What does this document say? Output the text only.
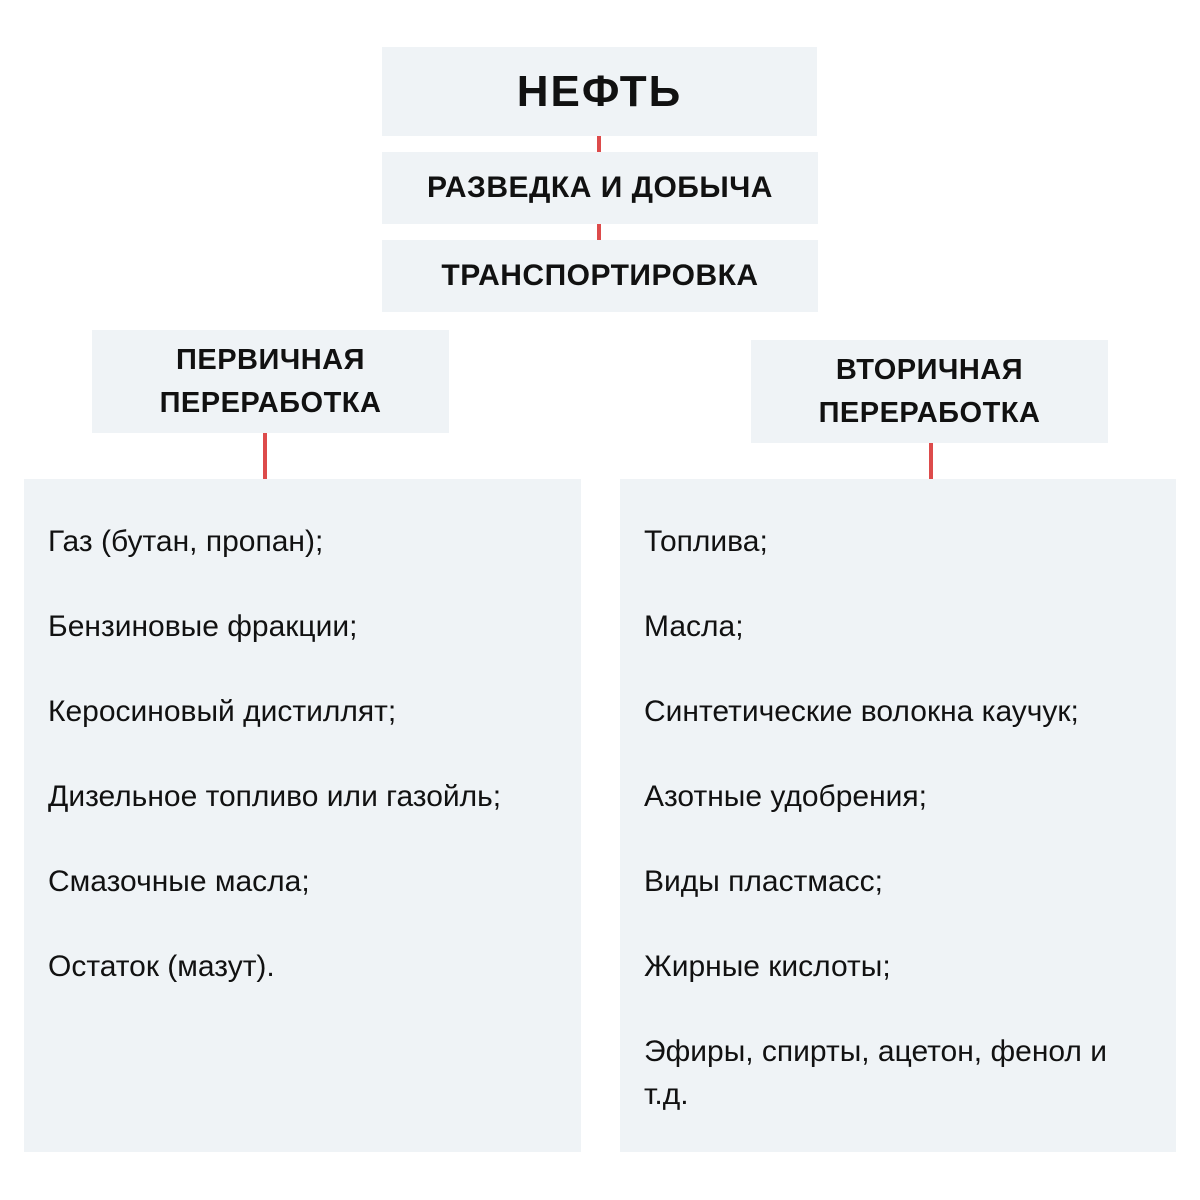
НЕФТЬ
РАЗВЕДКА И ДОБЫЧА
ТРАНСПОРТИРОВКА
ПЕРВИЧНАЯ
ПЕРЕРАБОТКА
ВТОРИЧНАЯ
ПЕРЕРАБОТКА
Газ (бутан, пропан);
Бензиновые фракции;
Керосиновый дистиллят;
Дизельное топливо или газойль;
Смазочные масла;
Остаток (мазут).
Топлива;
Масла;
Синтетические волокна каучук;
Азотные удобрения;
Виды пластмасс;
Жирные кислоты;
Эфиры, спирты, ацетон, фенол и т.д.
